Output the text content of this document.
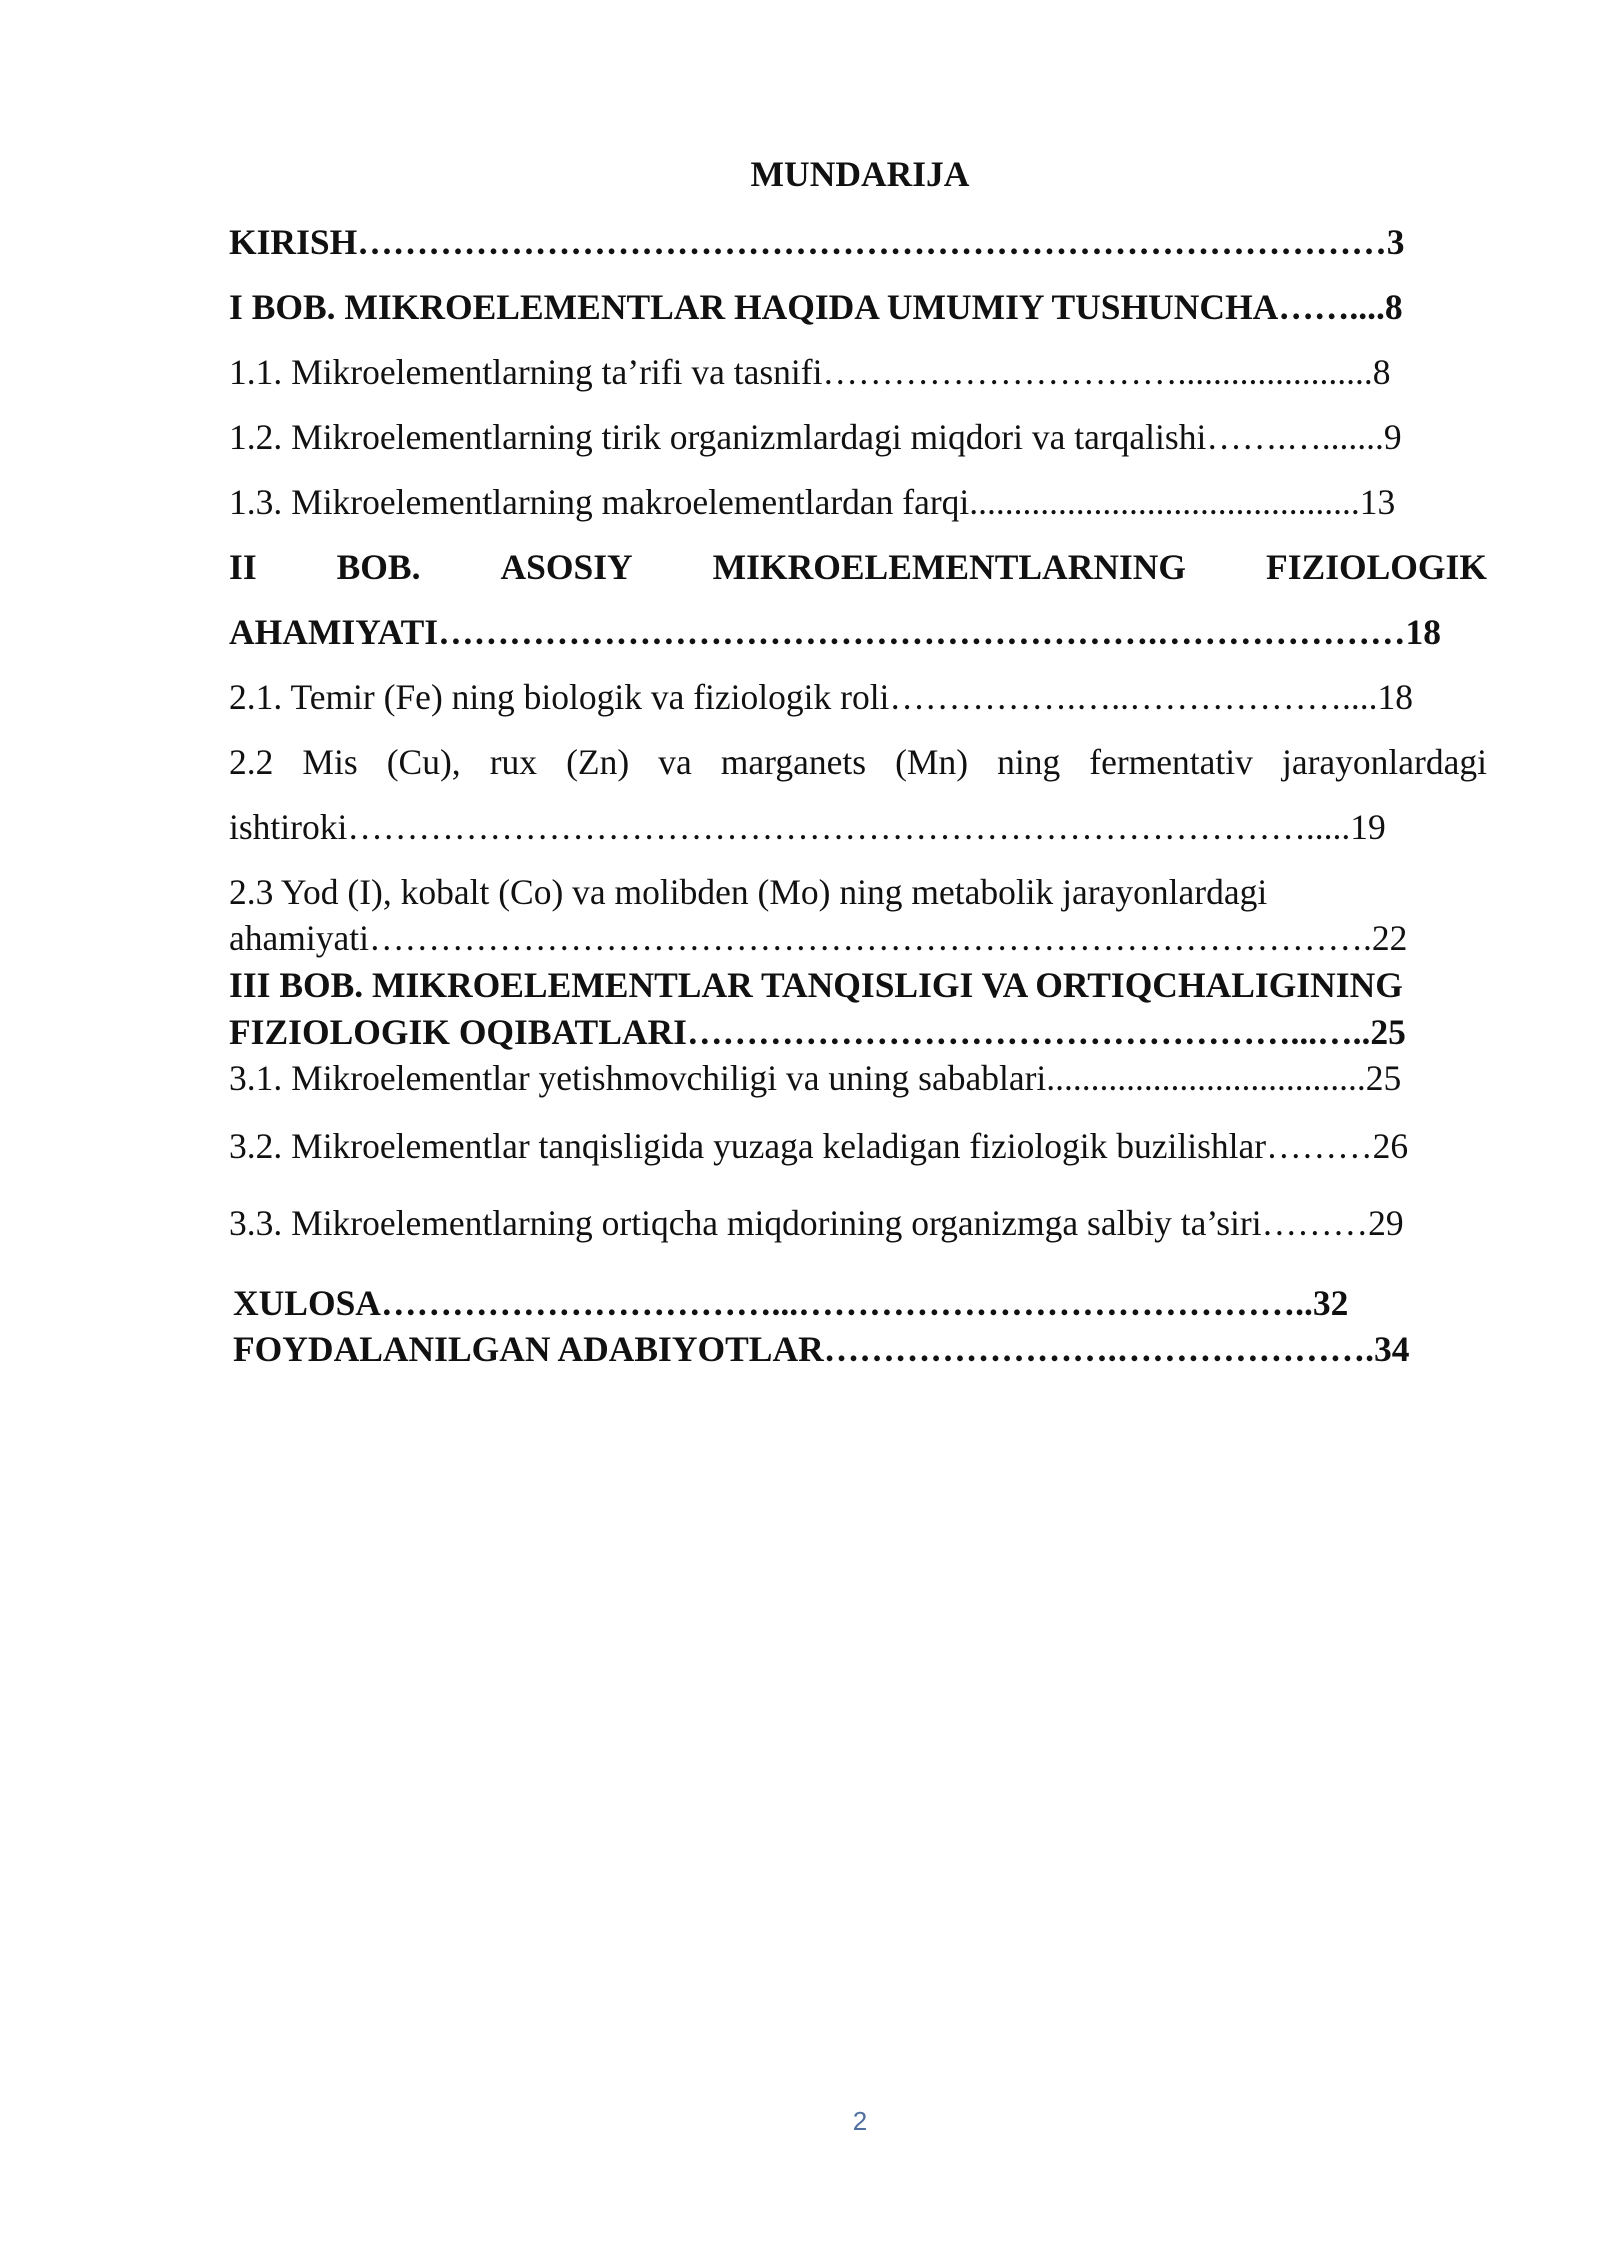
MUNDARIJA
KIRISH……………………………………………………………………………3
I BOB. MIKROELEMENTLAR HAQIDA UMUMIY TUSHUNCHA……....8
1.1. Mikroelementlarning ta’rifi va tasnifi…………………………......................8
1.2. Mikroelementlarning tirik organizmlardagi miqdori va tarqalishi…….….......9
1.3. Mikroelementlarning makroelementlardan farqi............................................13
II BOB. ASOSIY MIKROELEMENTLARNING FIZIOLOGIK
AHAMIYATI…………………………………………………….…………………18
2.1. Temir (Fe) ning biologik va fiziologik roli…………….…..………………....18
2.2 Mis (Cu), rux (Zn) va marganets (Mn) ning fermentativ jarayonlardagi
ishtiroki……………………………………………………………………….....19
2.3 Yod (I), kobalt (Co) va molibden (Mo) ning metabolik jarayonlardagi
ahamiyati………………………………………………………………………….22
III BOB. MIKROELEMENTLAR TANQISLIGI VA ORTIQCHALIGINING
FIZIOLOGIK OQIBATLARI……………………………………………...…..25
3.1. Mikroelementlar yetishmovchiligi va uning sabablari....................................25
3.2. Mikroelementlar tanqisligida yuzaga keladigan fiziologik buzilishlar………26
3.3. Mikroelementlarning ortiqcha miqdorining organizmga salbiy ta’siri………29
XULOSA……………………………...……………………………………..32
FOYDALANILGAN ADABIYOTLAR…………………….………………….34
2
